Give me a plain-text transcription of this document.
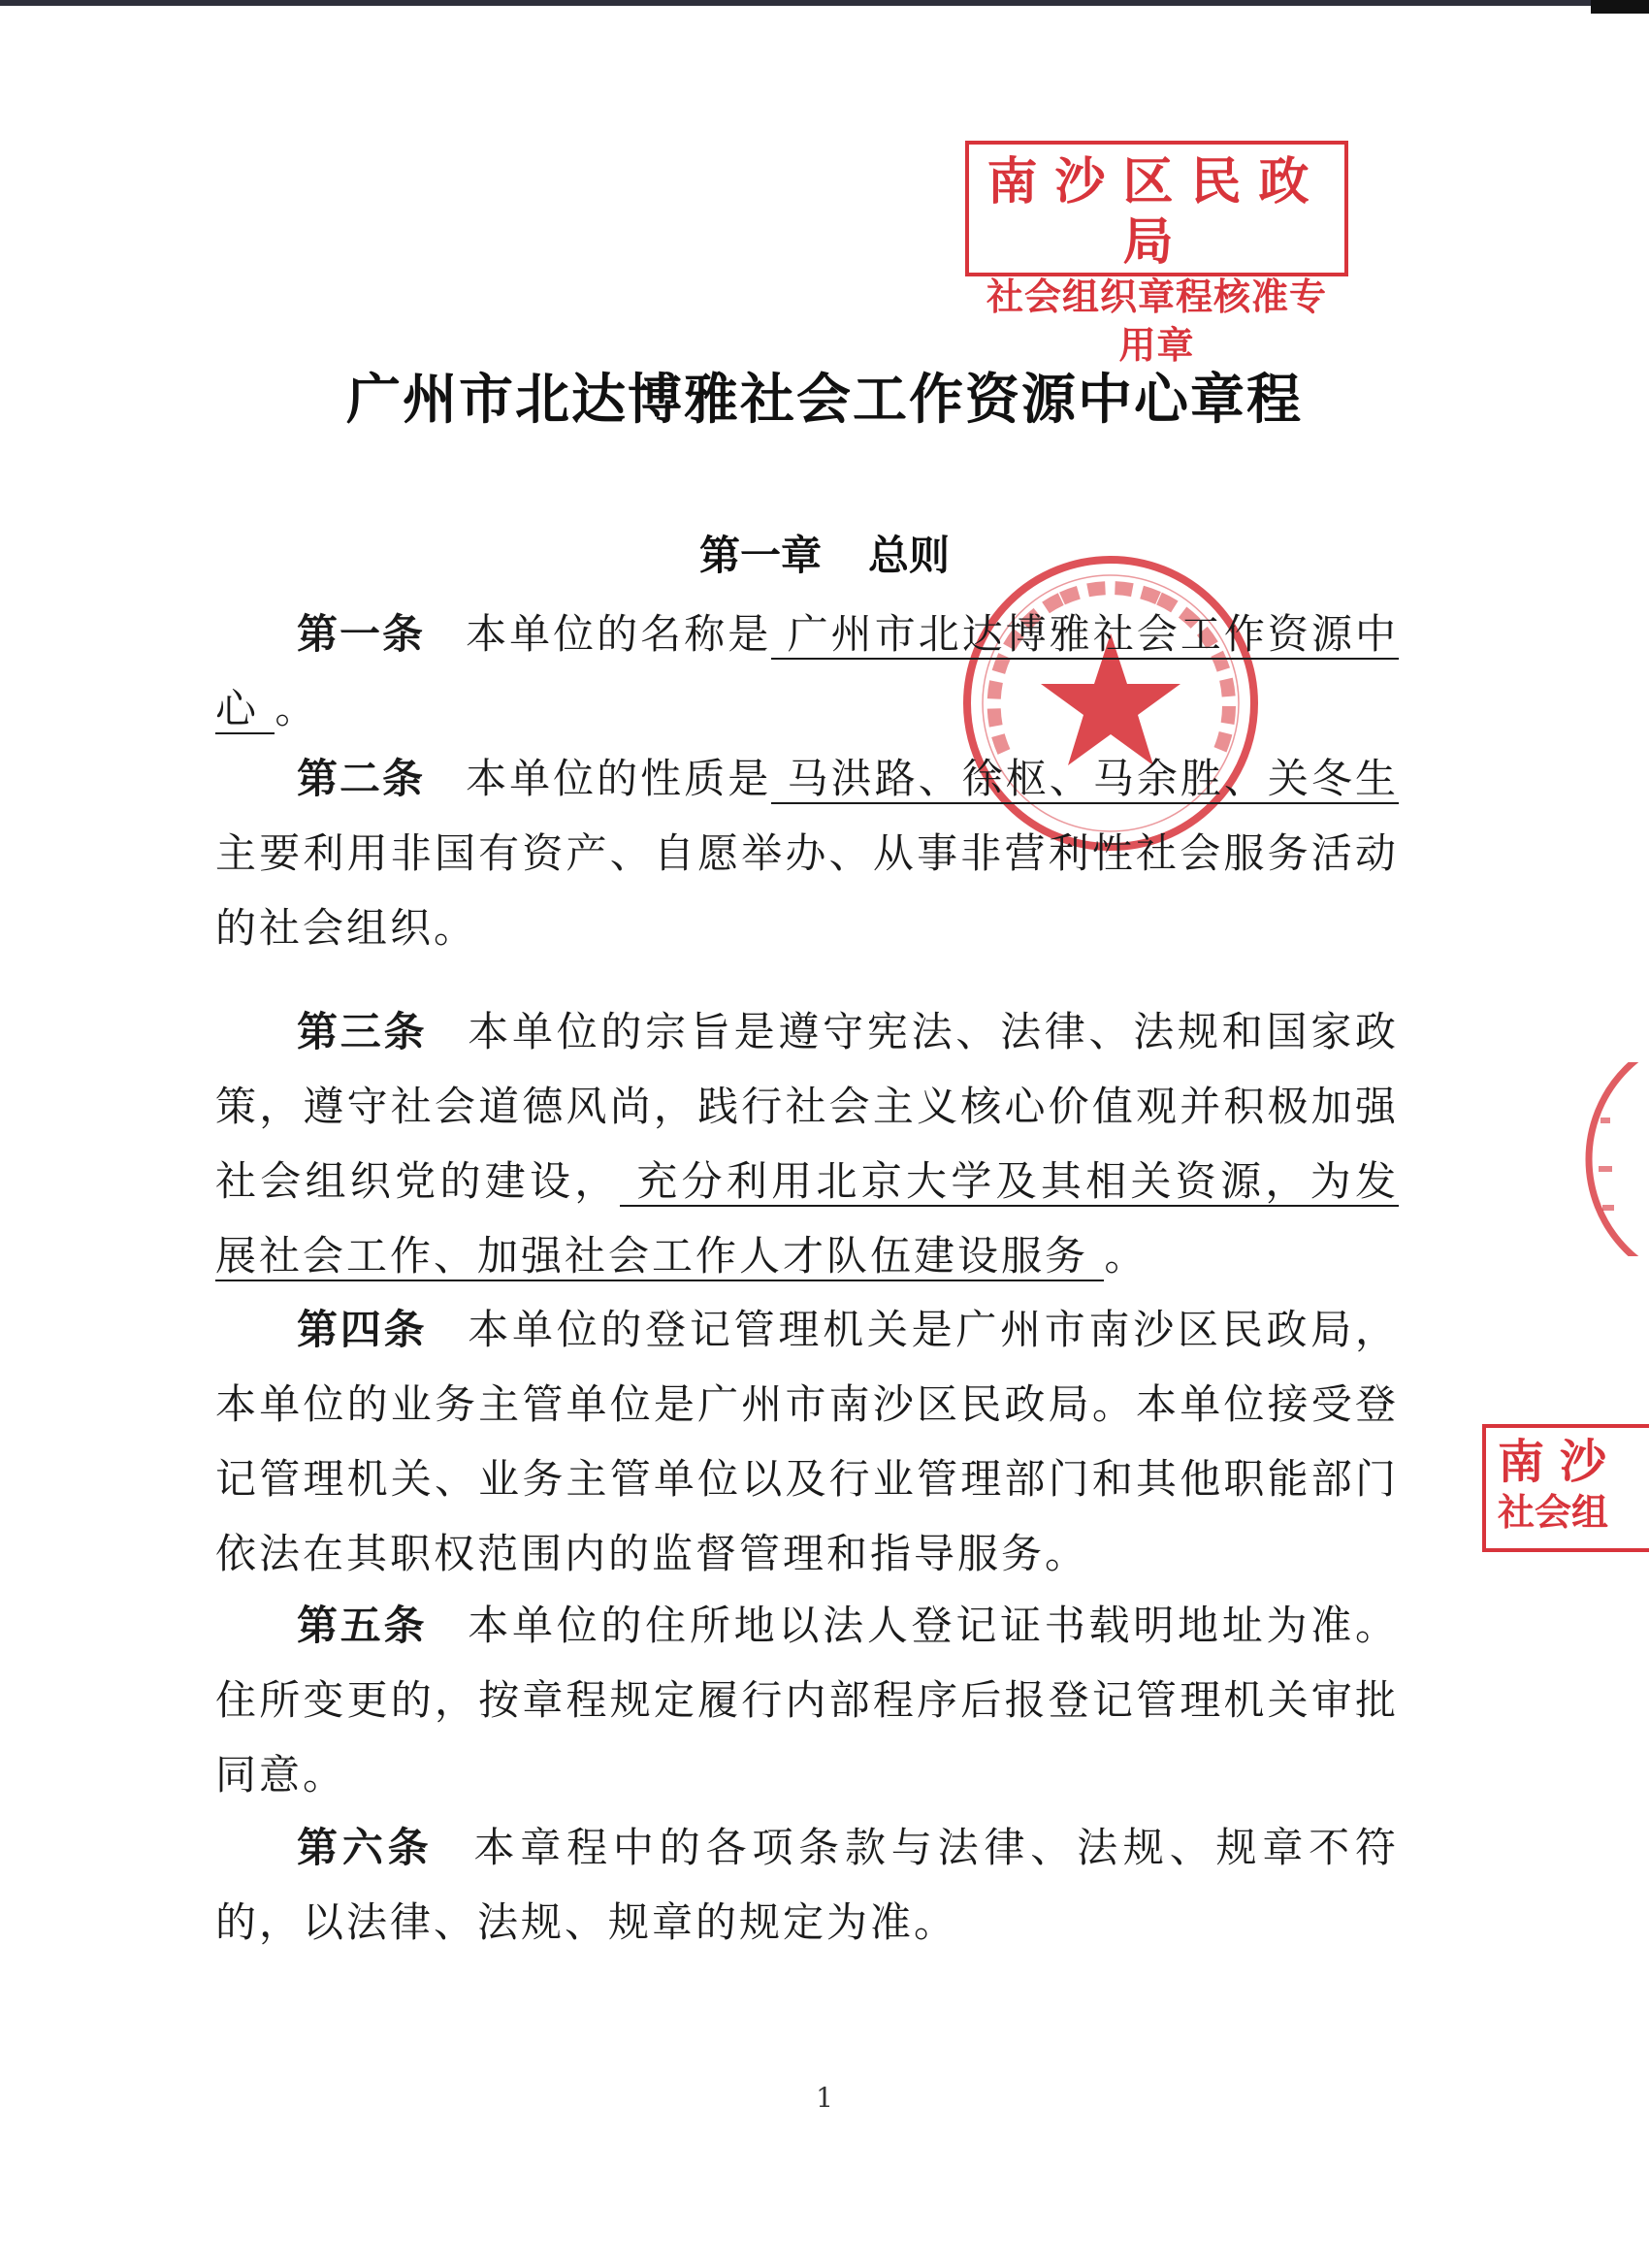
南沙区民政局
社会组织章程核准专用章
南沙
社会组
广州市北达博雅社会工作资源中心章程
第一章 总则
第一条 本单位的名称是 广州市北达博雅社会工作资源中心 。
第二条 本单位的性质是 马洪路、徐枢、马余胜、关冬生主要利用非国有资产、自愿举办、从事非营利性社会服务活动的社会组织。
第三条 本单位的宗旨是遵守宪法、法律、法规和国家政策，遵守社会道德风尚，践行社会主义核心价值观并积极加强社会组织党的建设， 充分利用北京大学及其相关资源，为发展社会工作、加强社会工作人才队伍建设服务 。
第四条 本单位的登记管理机关是广州市南沙区民政局，本单位的业务主管单位是广州市南沙区民政局。本单位接受登记管理机关、业务主管单位以及行业管理部门和其他职能部门依法在其职权范围内的监督管理和指导服务。
第五条 本单位的住所地以法人登记证书载明地址为准。住所变更的，按章程规定履行内部程序后报登记管理机关审批同意。
第六条 本章程中的各项条款与法律、法规、规章不符的，以法律、法规、规章的规定为准。
1
